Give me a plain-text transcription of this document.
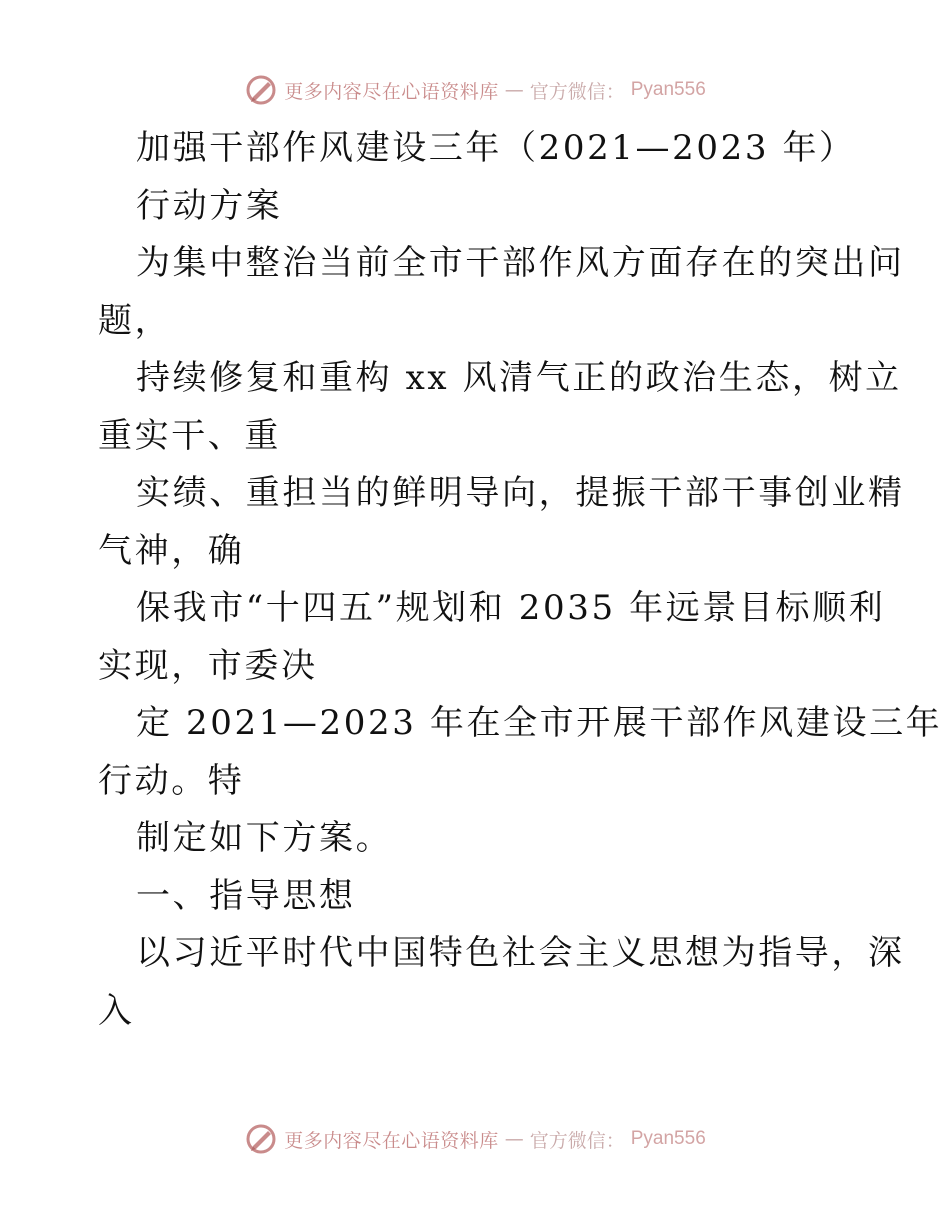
更多内容尽在心语资料库 — 官方微信： Pyan556
加强干部作风建设三年（2021—2023 年）
行动方案
为集中整治当前全市干部作风方面存在的突出问
题，
持续修复和重构 xx 风清气正的政治生态，树立
重实干、重
实绩、重担当的鲜明导向，提振干部干事创业精
气神，确
保我市“十四五”规划和 2035 年远景目标顺利
实现，市委决
定 2021—2023 年在全市开展干部作风建设三年
行动。特
制定如下方案。
一、指导思想
以习近平时代中国特色社会主义思想为指导，深
入
更多内容尽在心语资料库 — 官方微信： Pyan556
